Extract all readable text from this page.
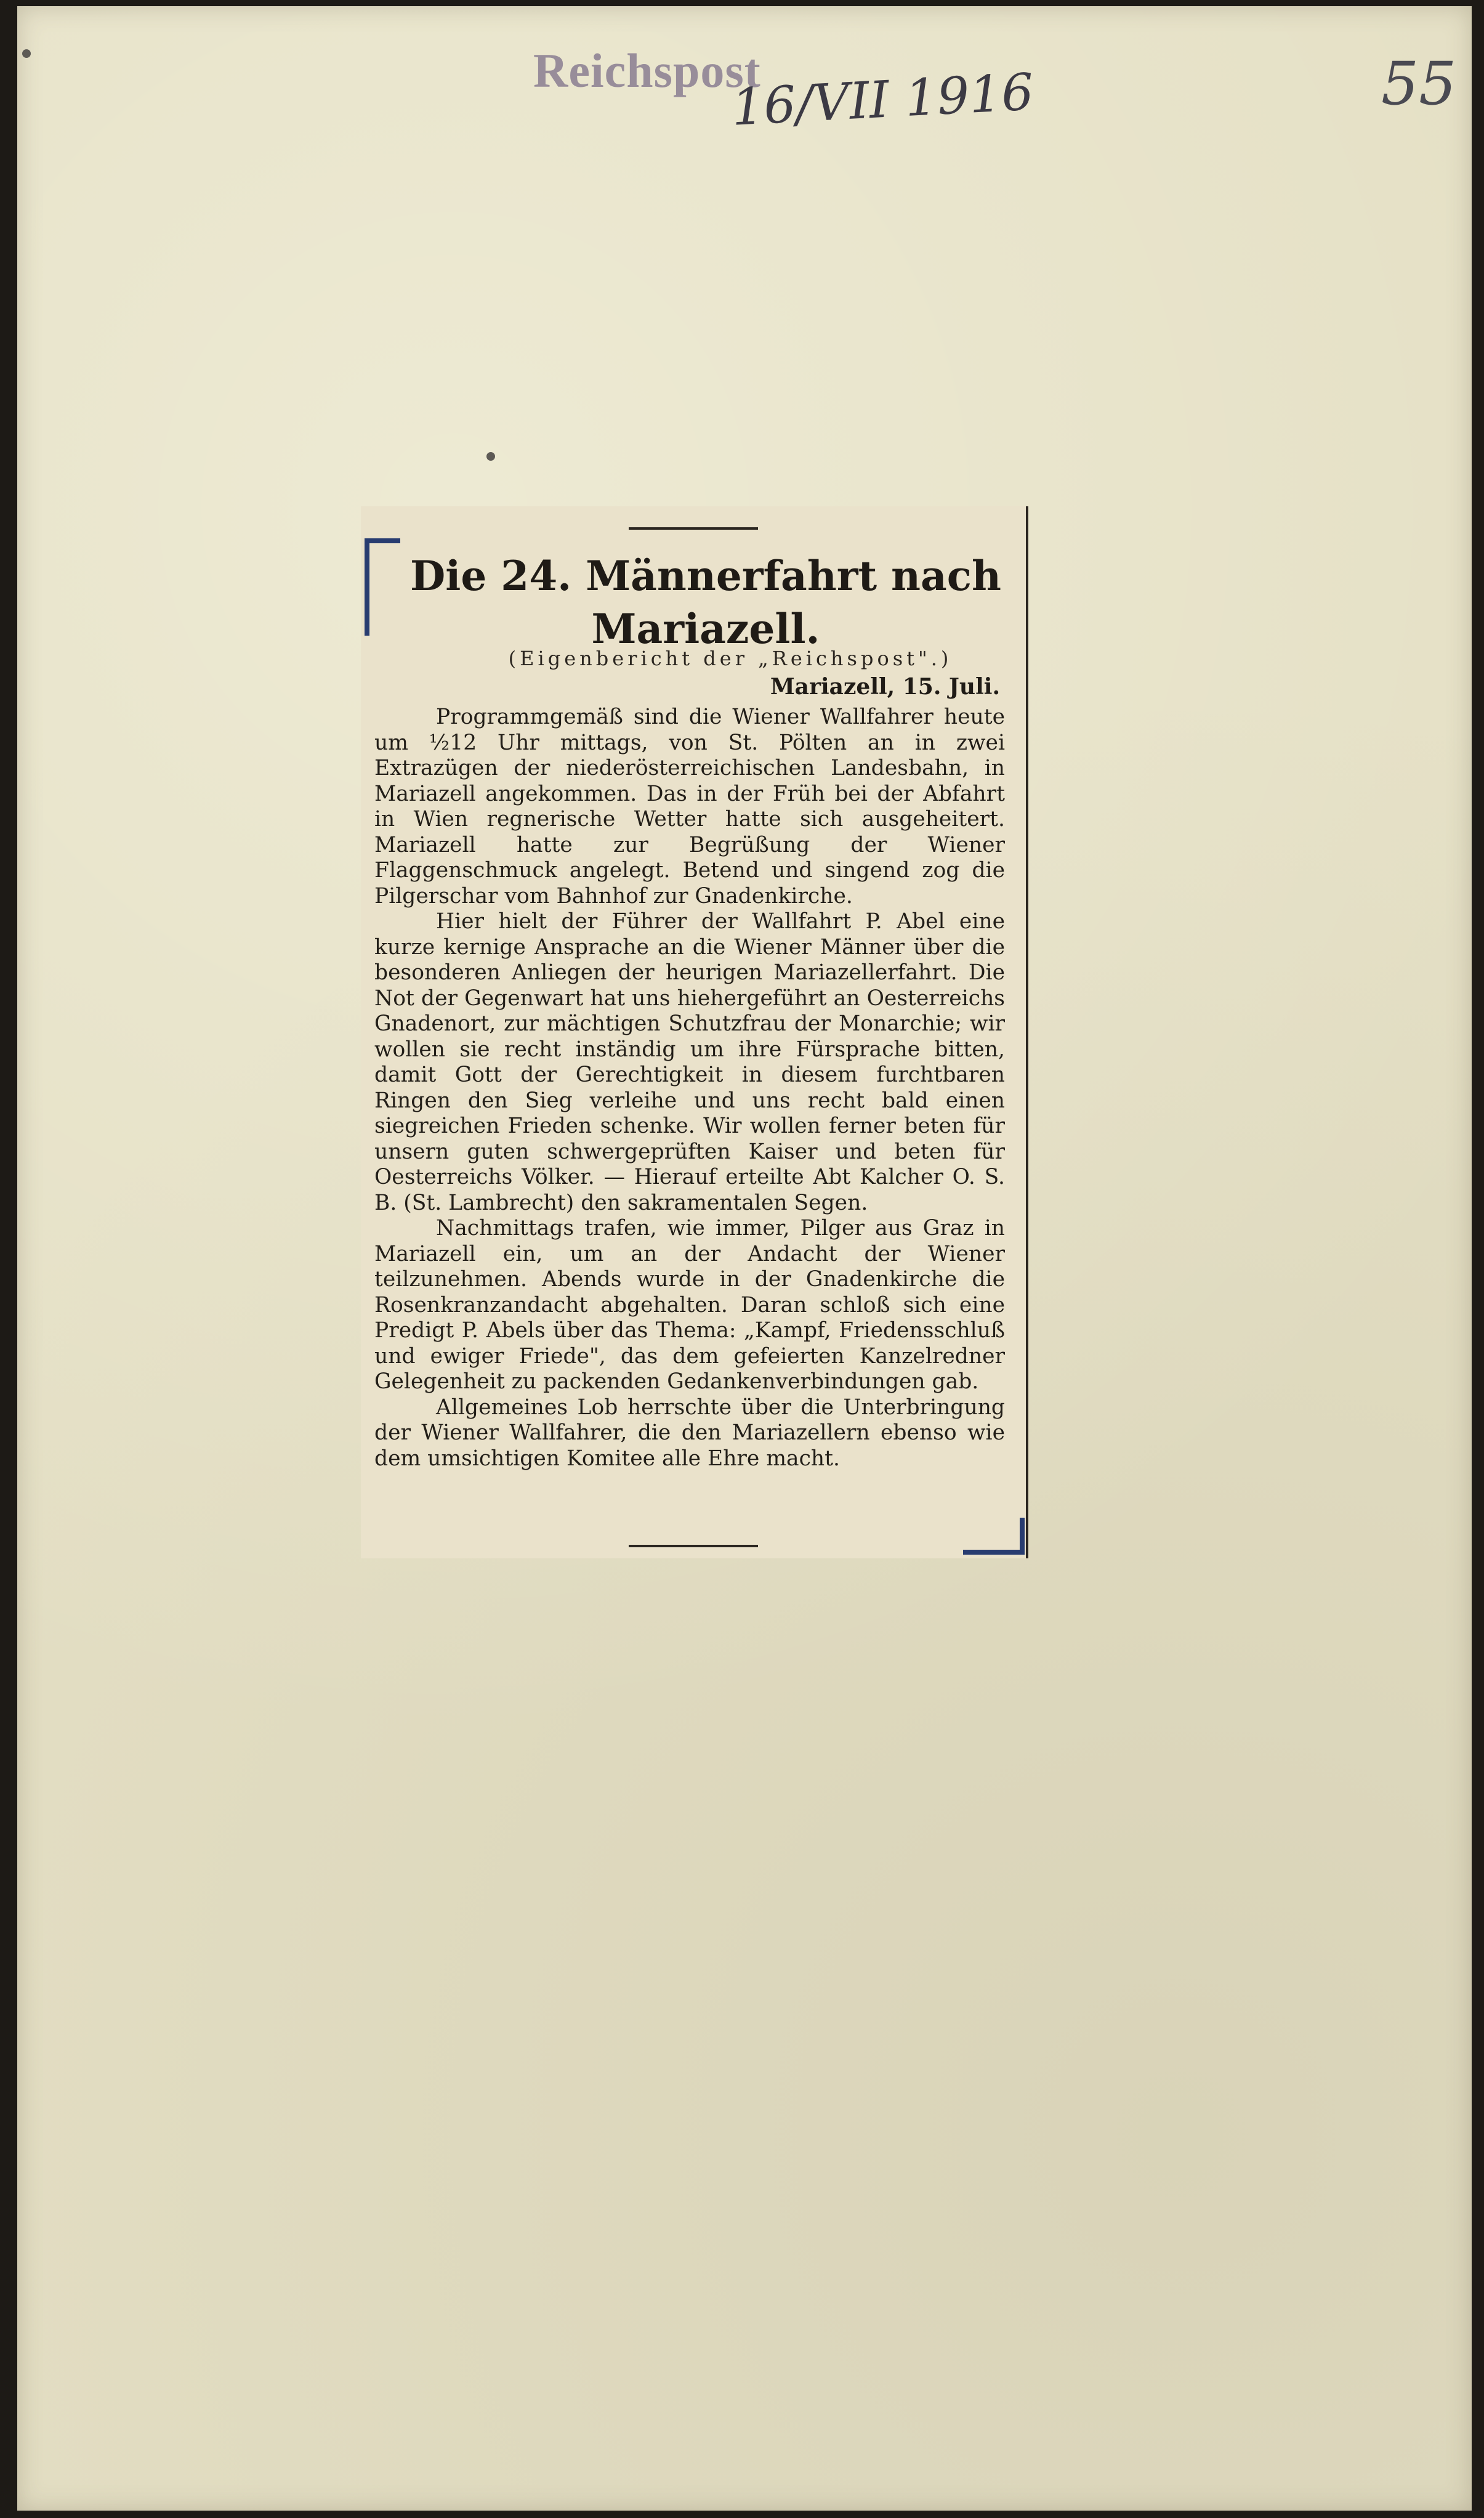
Reichspost
16/VII 1916	55
Die 24. Männerfahrt nach
Mariazell.
(Eigenbericht der „Reichspost".)
Mariazell, 15. Juli.

Programmgemäß sind die Wiener Wallfahrer heute um ½12 Uhr mittags, von St. Pölten an in zwei Extrazügen der niederösterreichischen Landesbahn, in Mariazell angekommen. Das in der Früh bei der Abfahrt in Wien regnerische Wetter hatte sich ausgeheitert. Mariazell hatte zur Begrüßung der Wiener Flaggenschmuck angelegt. Betend und singend zog die Pilgerschar vom Bahnhof zur Gnadenkirche.

Hier hielt der Führer der Wallfahrt P. Abel eine kurze kernige Ansprache an die Wiener Männer über die besonderen Anliegen der heurigen Mariazellerfahrt. Die Not der Gegenwart hat uns hiehergeführt an Oesterreichs Gnadenort, zur mächtigen Schutzfrau der Monarchie; wir wollen sie recht inständig um ihre Fürsprache bitten, damit Gott der Gerechtigkeit in diesem furchtbaren Ringen den Sieg verleihe und uns recht bald einen siegreichen Frieden schenke. Wir wollen ferner beten für unsern guten schwergeprüften Kaiser und beten für Oesterreichs Völker. — Hierauf erteilte Abt Kalcher O. S. B. (St. Lambrecht) den sakramentalen Segen.

Nachmittags trafen, wie immer, Pilger aus Graz in Mariazell ein, um an der Andacht der Wiener teilzunehmen. Abends wurde in der Gnadenkirche die Rosenkranzandacht abgehalten. Daran schloß sich eine Predigt P. Abels über das Thema: „Kampf, Friedensschluß und ewiger Friede", das dem gefeierten Kanzelredner Gelegenheit zu packenden Gedankenverbindungen gab.

Allgemeines Lob herrschte über die Unterbringung der Wiener Wallfahrer, die den Mariazellern ebenso wie dem umsichtigen Komitee alle Ehre macht.
